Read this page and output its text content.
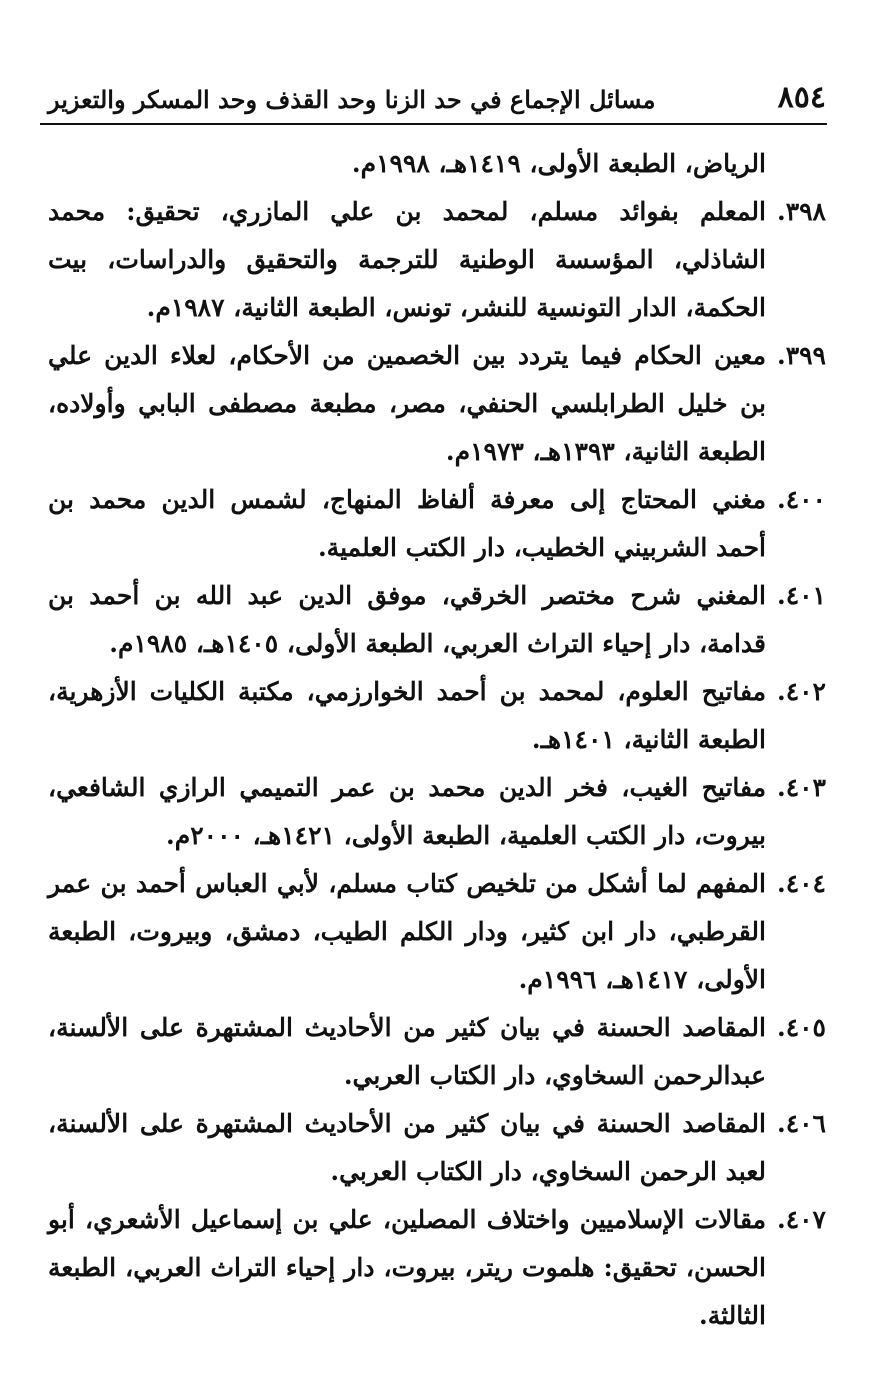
٨٥٤
مسائل الإجماع في حد الزنا وحد القذف وحد المسكر والتعزير
الرياض، الطبعة الأولى، ١٤١٩هـ، ١٩٩٨م.
٣٩٨.
المعلم بفوائد مسلم، لمحمد بن علي المازري، تحقيق: محمد الشاذلي، المؤسسة الوطنية للترجمة والتحقيق والدراسات، بيت الحكمة، الدار التونسية للنشر، تونس، الطبعة الثانية، ١٩٨٧م.
٣٩٩.
معين الحكام فيما يتردد بين الخصمين من الأحكام، لعلاء الدين علي بن خليل الطرابلسي الحنفي، مصر، مطبعة مصطفى البابي وأولاده، الطبعة الثانية، ١٣٩٣هـ، ١٩٧٣م.
٤٠٠.
مغني المحتاج إلى معرفة ألفاظ المنهاج، لشمس الدين محمد بن أحمد الشربيني الخطيب، دار الكتب العلمية.
٤٠١.
المغني شرح مختصر الخرقي، موفق الدين عبد الله بن أحمد بن قدامة، دار إحياء التراث العربي، الطبعة الأولى، ١٤٠٥هـ، ١٩٨٥م.
٤٠٢.
مفاتيح العلوم، لمحمد بن أحمد الخوارزمي، مكتبة الكليات الأزهرية، الطبعة الثانية، ١٤٠١هـ.
٤٠٣.
مفاتيح الغيب، فخر الدين محمد بن عمر التميمي الرازي الشافعي، بيروت، دار الكتب العلمية، الطبعة الأولى، ١٤٢١هـ، ٢٠٠٠م.
٤٠٤.
المفهم لما أشكل من تلخيص كتاب مسلم، لأبي العباس أحمد بن عمر القرطبي، دار ابن كثير، ودار الكلم الطيب، دمشق، وبيروت، الطبعة الأولى، ١٤١٧هـ، ١٩٩٦م.
٤٠٥.
المقاصد الحسنة في بيان كثير من الأحاديث المشتهرة على الألسنة، عبدالرحمن السخاوي، دار الكتاب العربي.
٤٠٦.
المقاصد الحسنة في بيان كثير من الأحاديث المشتهرة على الألسنة، لعبد الرحمن السخاوي، دار الكتاب العربي.
٤٠٧.
مقالات الإسلاميين واختلاف المصلين، علي بن إسماعيل الأشعري، أبو الحسن، تحقيق: هلموت ريتر، بيروت، دار إحياء التراث العربي، الطبعة الثالثة.
